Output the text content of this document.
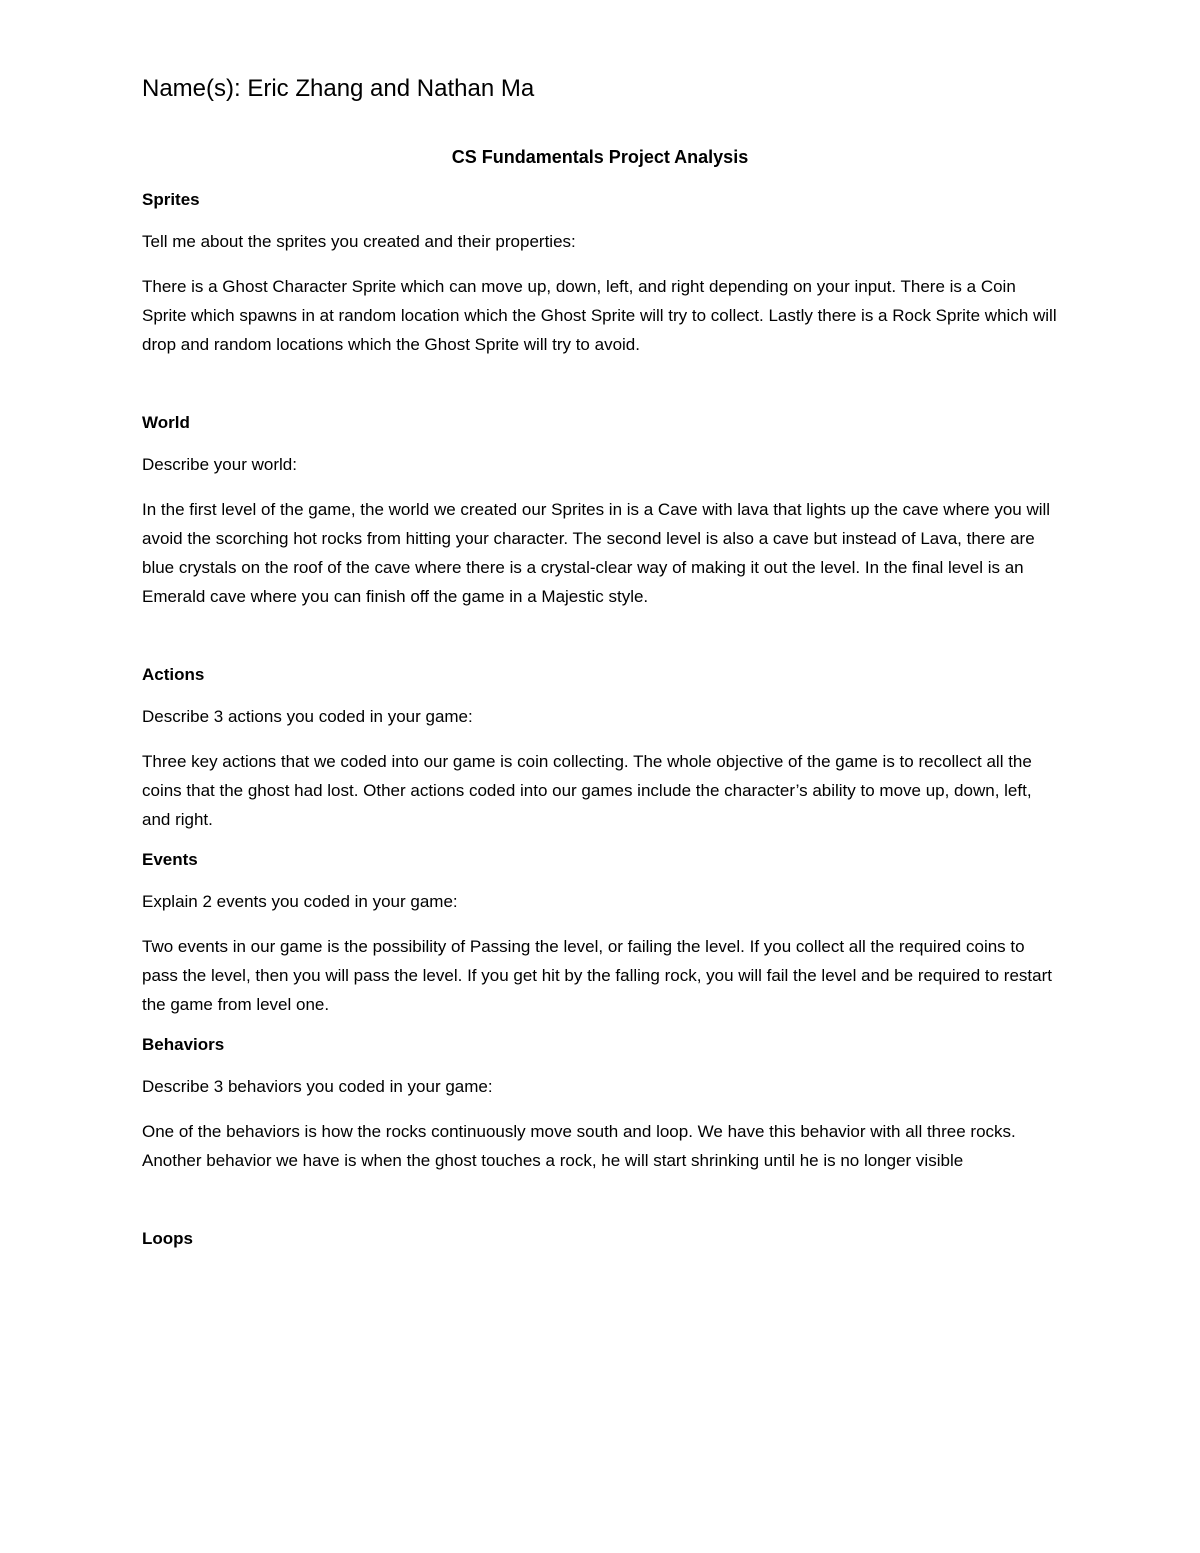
Name(s): Eric Zhang and Nathan Ma
CS Fundamentals Project Analysis
Sprites
Tell me about the sprites you created and their properties:
There is a Ghost Character Sprite which can move up, down, left, and right depending on your input. There is a Coin Sprite which spawns in at random location which the Ghost Sprite will try to collect. Lastly there is a Rock Sprite which will drop and random locations which the Ghost Sprite will try to avoid.
World
Describe your world:
In the first level of the game, the world we created our Sprites in is a Cave with lava that lights up the cave where you will avoid the scorching hot rocks from hitting your character. The second level is also a cave but instead of Lava, there are blue crystals on the roof of the cave where there is a crystal-clear way of making it out the level. In the final level is an Emerald cave where you can finish off the game in a Majestic style.
Actions
Describe 3 actions you coded in your game:
Three key actions that we coded into our game is coin collecting. The whole objective of the game is to recollect all the coins that the ghost had lost. Other actions coded into our games include the character’s ability to move up, down, left, and right.
Events
Explain 2 events you coded in your game:
Two events in our game is the possibility of Passing the level, or failing the level. If you collect all the required coins to pass the level, then you will pass the level. If you get hit by the falling rock, you will fail the level and be required to restart the game from level one.
Behaviors
Describe 3 behaviors you coded in your game:
One of the behaviors is how the rocks continuously move south and loop. We have this behavior with all three rocks. Another behavior we have is when the ghost touches a rock, he will start shrinking until he is no longer visible
Loops
